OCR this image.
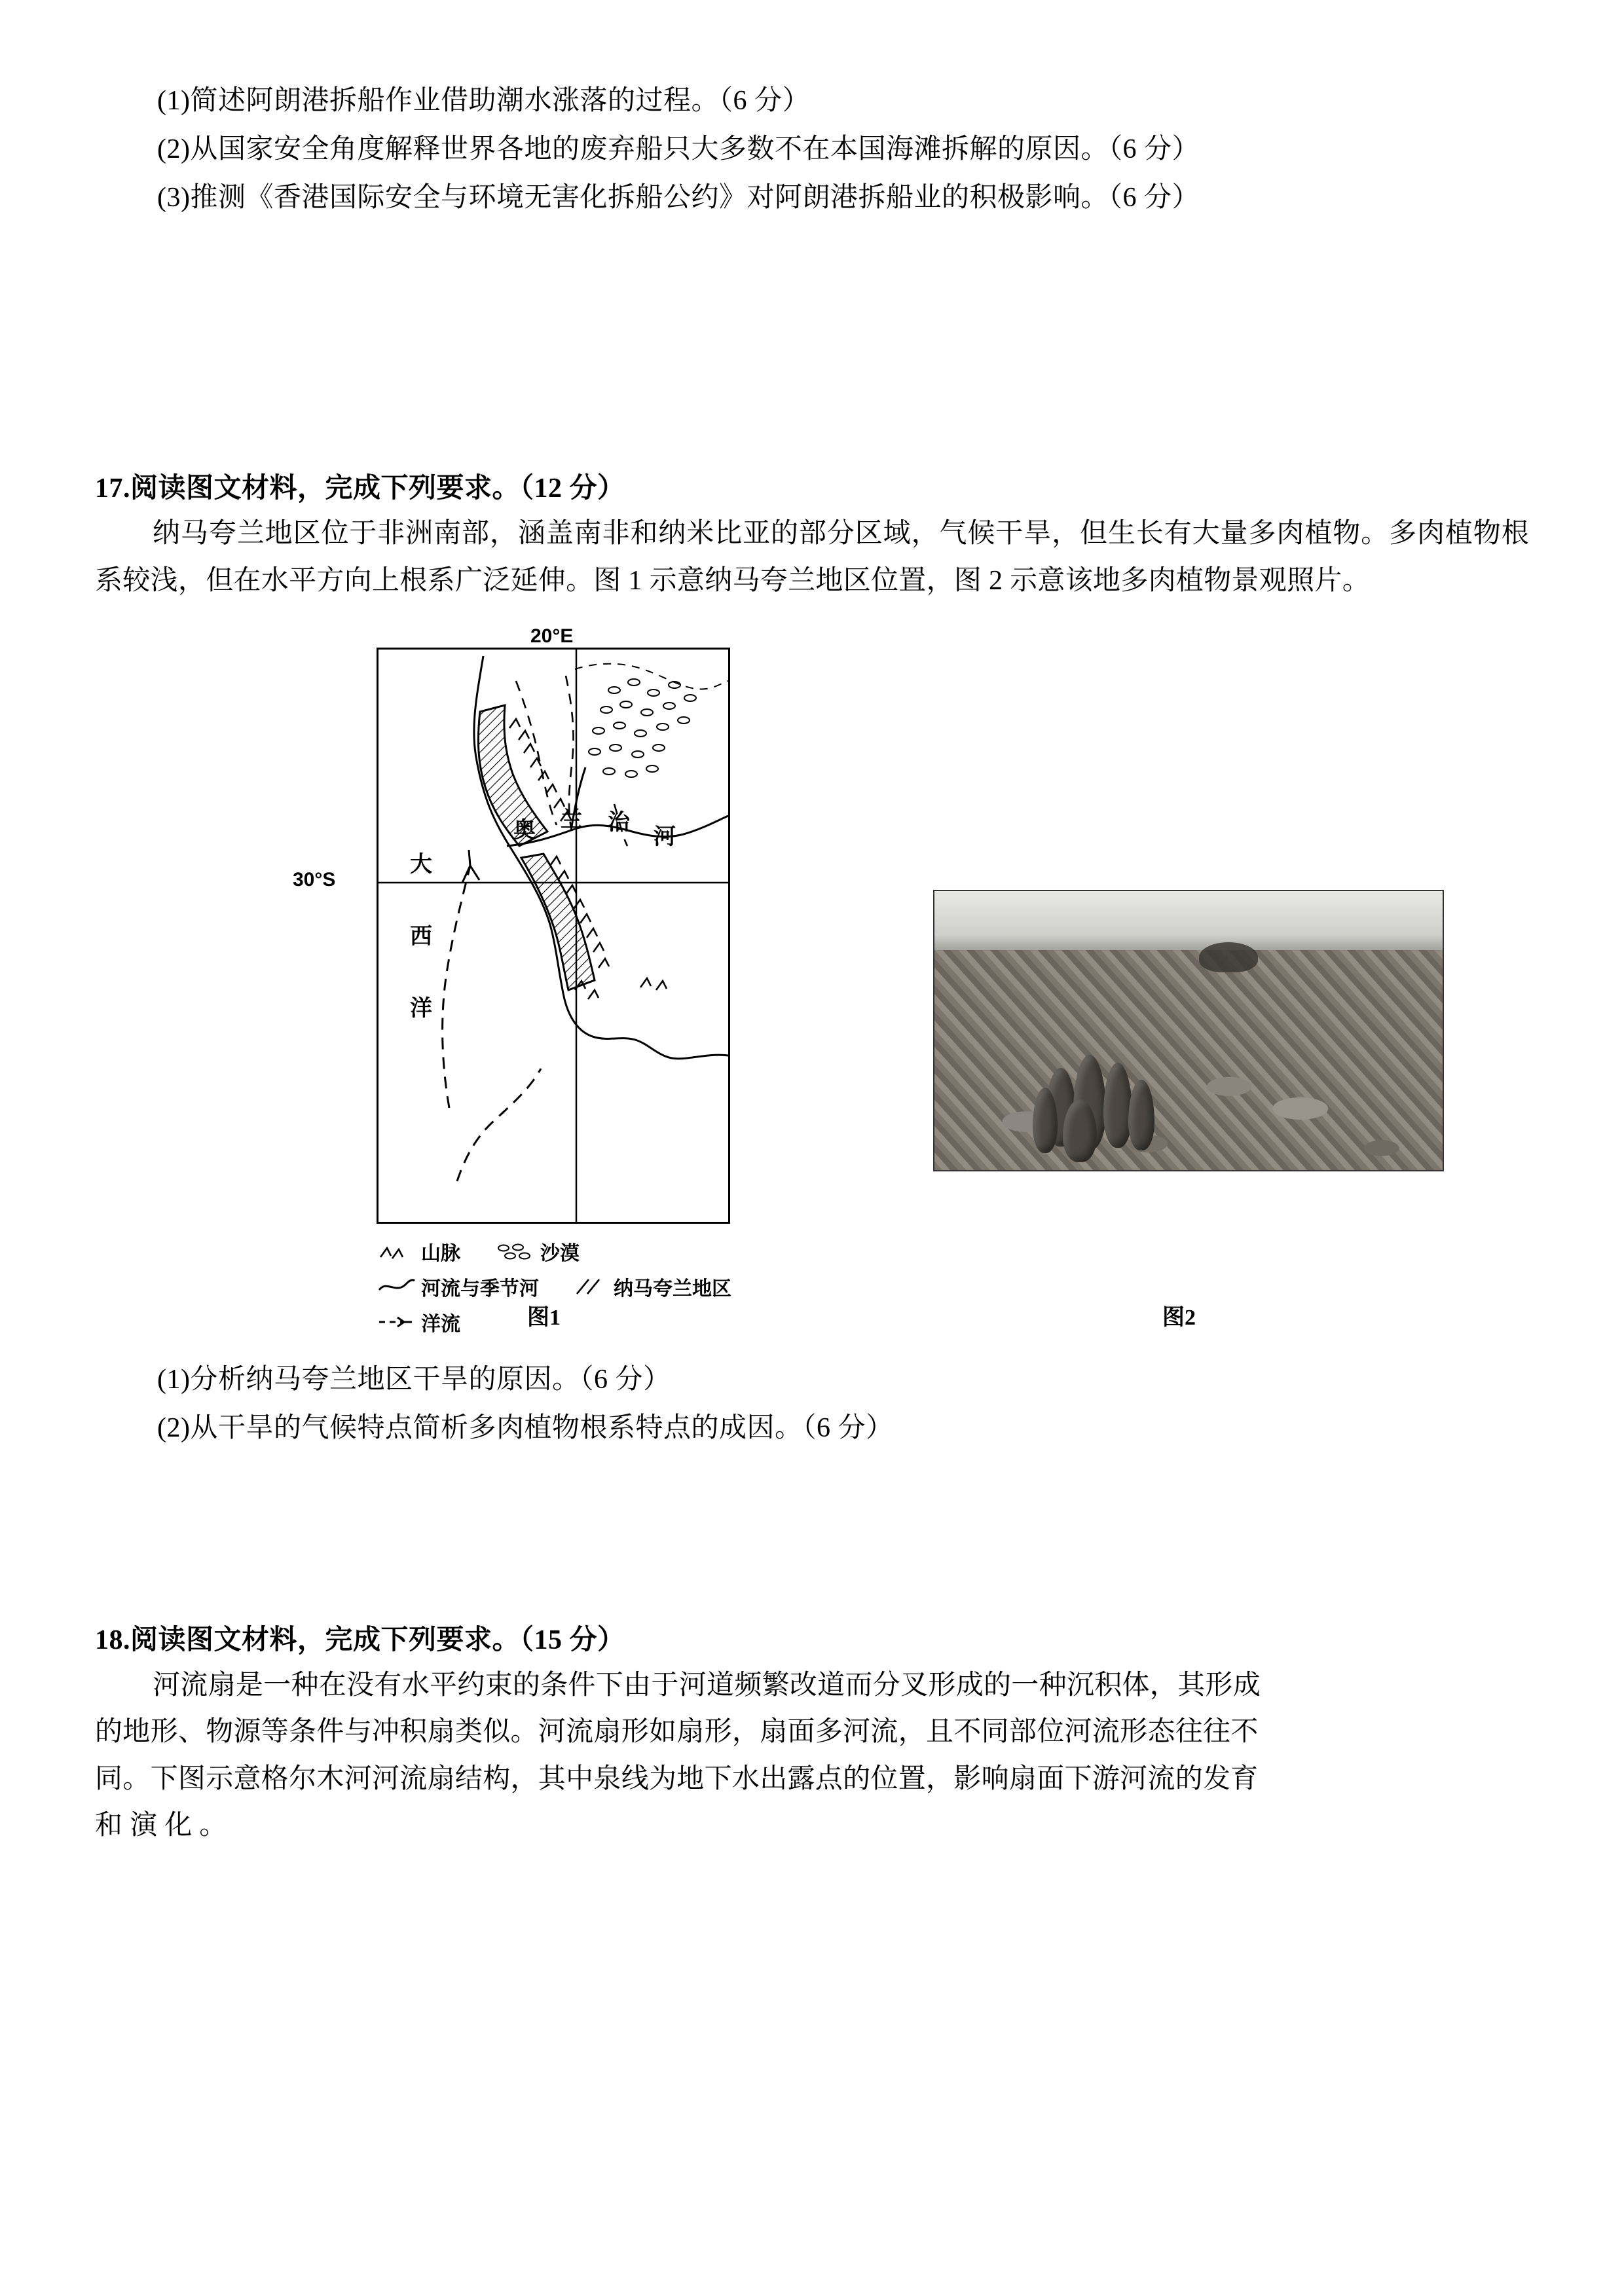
(1)简述阿朗港拆船作业借助潮水涨落的过程。（6 分）

(2)从国家安全角度解释世界各地的废弃船只大多数不在本国海滩拆解的原因。（6 分）

(3)推测《香港国际安全与环境无害化拆船公约》对阿朗港拆船业的积极影响。（6 分）

17.阅读图文材料，完成下列要求。（12 分）

纳马夸兰地区位于非洲南部，涵盖南非和纳米比亚的部分区域，气候干旱，但生长有大量多肉植物。多肉植物根系较浅，但在水平方向上根系广泛延伸。图 1 示意纳马夸兰地区位置，图 2 示意该地多肉植物景观照片。

大
西
洋
奥 兰 治
河
20°E
30°S
山脉	沙漠
河流与季节河	纳马夸兰地区
洋流	图1	图2

(1)分析纳马夸兰地区干旱的原因。（6 分）

(2)从干旱的气候特点简析多肉植物根系特点的成因。（6 分）

18.阅读图文材料，完成下列要求。（15 分）

河流扇是一种在没有水平约束的条件下由于河道频繁改道而分叉形成的一种沉积体，其形成

的地形、物源等条件与冲积扇类似。河流扇形如扇形，扇面多河流，且不同部位河流形态往往不

同。下图示意格尔木河河流扇结构，其中泉线为地下水出露点的位置，影响扇面下游河流的发育

和 演 化 。
